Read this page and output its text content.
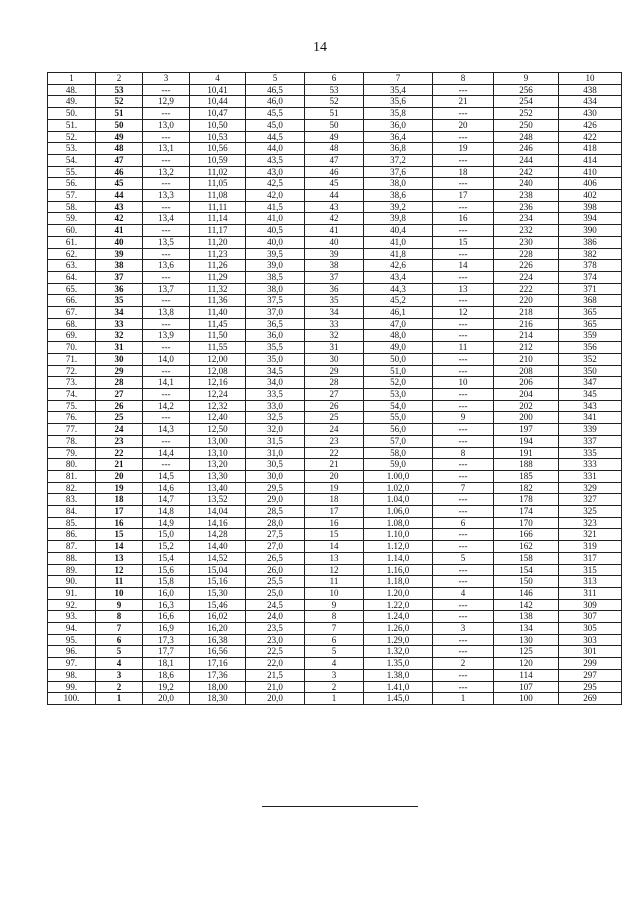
14
1	2	3	4	5	6	7	8	9	10
48.	53	---	10,41	46,5	53	35,4	---	256	438
49.	52	12,9	10,44	46,0	52	35,6	21	254	434
50.	51	---	10,47	45,5	51	35,8	---	252	430
51.	50	13,0	10,50	45,0	50	36,0	20	250	426
52.	49	---	10,53	44,5	49	36,4	---	248	422
53.	48	13,1	10,56	44,0	48	36,8	19	246	418
54.	47	---	10,59	43,5	47	37,2	---	244	414
55.	46	13,2	11,02	43,0	46	37,6	18	242	410
56.	45	---	11,05	42,5	45	38,0	---	240	406
57.	44	13,3	11,08	42,0	44	38,6	17	238	402
58.	43	---	11,11	41,5	43	39,2	---	236	398
59.	42	13,4	11,14	41,0	42	39,8	16	234	394
60.	41	---	11,17	40,5	41	40,4	---	232	390
61.	40	13,5	11,20	40,0	40	41,0	15	230	386
62.	39	---	11,23	39,5	39	41,8	---	228	382
63.	38	13,6	11,26	39,0	38	42,6	14	226	378
64.	37	---	11,29	38,5	37	43,4	---	224	374
65.	36	13,7	11,32	38,0	36	44,3	13	222	371
66.	35	---	11,36	37,5	35	45,2	---	220	368
67.	34	13,8	11,40	37,0	34	46,1	12	218	365
68.	33	---	11,45	36,5	33	47,0	---	216	365
69.	32	13,9	11,50	36,0	32	48,0	---	214	359
70.	31	---	11,55	35,5	31	49,0	11	212	356
71.	30	14,0	12,00	35,0	30	50,0	---	210	352
72.	29	---	12,08	34,5	29	51,0	---	208	350
73.	28	14,1	12,16	34,0	28	52,0	10	206	347
74.	27	---	12,24	33,5	27	53,0	---	204	345
75.	26	14,2	12,32	33,0	26	54,0	---	202	343
76.	25	---	12,40	32,5	25	55,0	9	200	341
77.	24	14,3	12,50	32,0	24	56,0	---	197	339
78.	23	---	13,00	31,5	23	57,0	---	194	337
79.	22	14,4	13,10	31,0	22	58,0	8	191	335
80.	21	---	13,20	30,5	21	59,0	---	188	333
81.	20	14,5	13,30	30,0	20	1.00,0	---	185	331
82.	19	14,6	13,40	29,5	19	1.02,0	7	182	329
83.	18	14,7	13,52	29,0	18	1.04,0	---	178	327
84.	17	14,8	14,04	28,5	17	1.06,0	---	174	325
85.	16	14,9	14,16	28,0	16	1.08,0	6	170	323
86.	15	15,0	14,28	27,5	15	1.10,0	---	166	321
87.	14	15,2	14,40	27,0	14	1.12,0	---	162	319
88.	13	15,4	14,52	26,5	13	1.14,0	5	158	317
89.	12	15,6	15,04	26,0	12	1.16,0	---	154	315
90.	11	15,8	15,16	25,5	11	1.18,0	---	150	313
91.	10	16,0	15,30	25,0	10	1.20,0	4	146	311
92.	9	16,3	15,46	24,5	9	1.22,0	---	142	309
93.	8	16,6	16,02	24,0	8	1.24,0	---	138	307
94.	7	16,9	16,20	23,5	7	1.26,0	3	134	305
95.	6	17,3	16,38	23,0	6	1.29,0	---	130	303
96.	5	17,7	16,56	22,5	5	1.32,0	---	125	301
97.	4	18,1	17,16	22,0	4	1.35,0	2	120	299
98.	3	18,6	17,36	21,5	3	1.38,0	---	114	297
99.	2	19,2	18,00	21,0	2	1.41,0	---	107	295
100.	1	20,0	18,30	20,0	1	1.45,0	1	100	269
